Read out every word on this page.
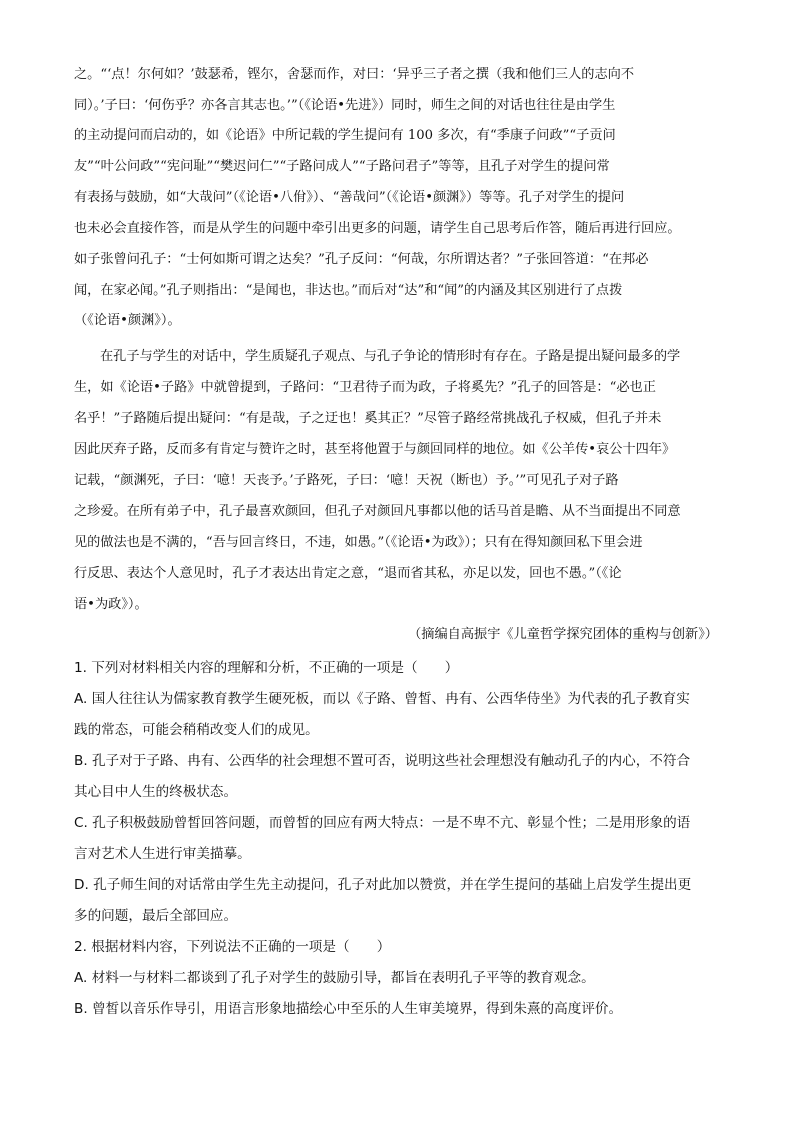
之。“‘点！尔何如？’鼓瑟希，铿尔，舍瑟而作，对曰：‘异乎三子者之撰（我和他们三人的志向不
同）。’子曰：‘何伤乎？亦各言其志也。’”（《论语•先进》）同时，师生之间的对话也往往是由学生
的主动提问而启动的，如《论语》中所记载的学生提问有 100 多次，有“季康子问政”“子贡问
友”“叶公问政”“宪问耻”“樊迟问仁”“子路问成人”“子路问君子”等等，且孔子对学生的提问常
有表扬与鼓励，如“大哉问”（《论语•八佾》）、“善哉问”（《论语•颜渊》）等等。孔子对学生的提问
也未必会直接作答，而是从学生的问题中牵引出更多的问题，请学生自己思考后作答，随后再进行回应。
如子张曾问孔子：“士何如斯可谓之达矣？”孔子反问：“何哉，尔所谓达者？”子张回答道：“在邦必
闻，在家必闻。”孔子则指出：“是闻也，非达也。”而后对“达”和“闻”的内涵及其区别进行了点拨
（《论语•颜渊》）。
在孔子与学生的对话中，学生质疑孔子观点、与孔子争论的情形时有存在。子路是提出疑问最多的学
生，如《论语•子路》中就曾提到，子路问：“卫君待子而为政，子将奚先？”孔子的回答是：“必也正
名乎！”子路随后提出疑问：“有是哉，子之迂也！奚其正？”尽管子路经常挑战孔子权威，但孔子并未
因此厌弃子路，反而多有肯定与赞许之时，甚至将他置于与颜回同样的地位。如《公羊传•哀公十四年》
记载，“颜渊死，子曰：‘噫！天丧予。’子路死，子曰：‘噫！天祝（断也）予。’”可见孔子对子路
之珍爱。在所有弟子中，孔子最喜欢颜回，但孔子对颜回凡事都以他的话马首是瞻、从不当面提出不同意
见的做法也是不满的，“吾与回言终日，不违，如愚。”（《论语•为政》）；只有在得知颜回私下里会进
行反思、表达个人意见时，孔子才表达出肯定之意，“退而省其私，亦足以发，回也不愚。”（《论
语•为政》）。
（摘编自高振宇《儿童哲学探究团体的重构与创新》）
1. 下列对材料相关内容的理解和分析，不正确的一项是（　　）
A. 国人往往认为儒家教育教学生硬死板，而以《子路、曾皙、冉有、公西华侍坐》为代表的孔子教育实
践的常态，可能会稍稍改变人们的成见。
B. 孔子对于子路、冉有、公西华的社会理想不置可否，说明这些社会理想没有触动孔子的内心，不符合
其心目中人生的终极状态。
C. 孔子积极鼓励曾皙回答问题，而曾皙的回应有两大特点：一是不卑不亢、彰显个性；二是用形象的语
言对艺术人生进行审美描摹。
D. 孔子师生间的对话常由学生先主动提问，孔子对此加以赞赏，并在学生提问的基础上启发学生提出更
多的问题，最后全部回应。
2. 根据材料内容，下列说法不正确的一项是（　　）
A. 材料一与材料二都谈到了孔子对学生的鼓励引导，都旨在表明孔子平等的教育观念。
B. 曾皙以音乐作导引，用语言形象地描绘心中至乐的人生审美境界，得到朱熹的高度评价。
